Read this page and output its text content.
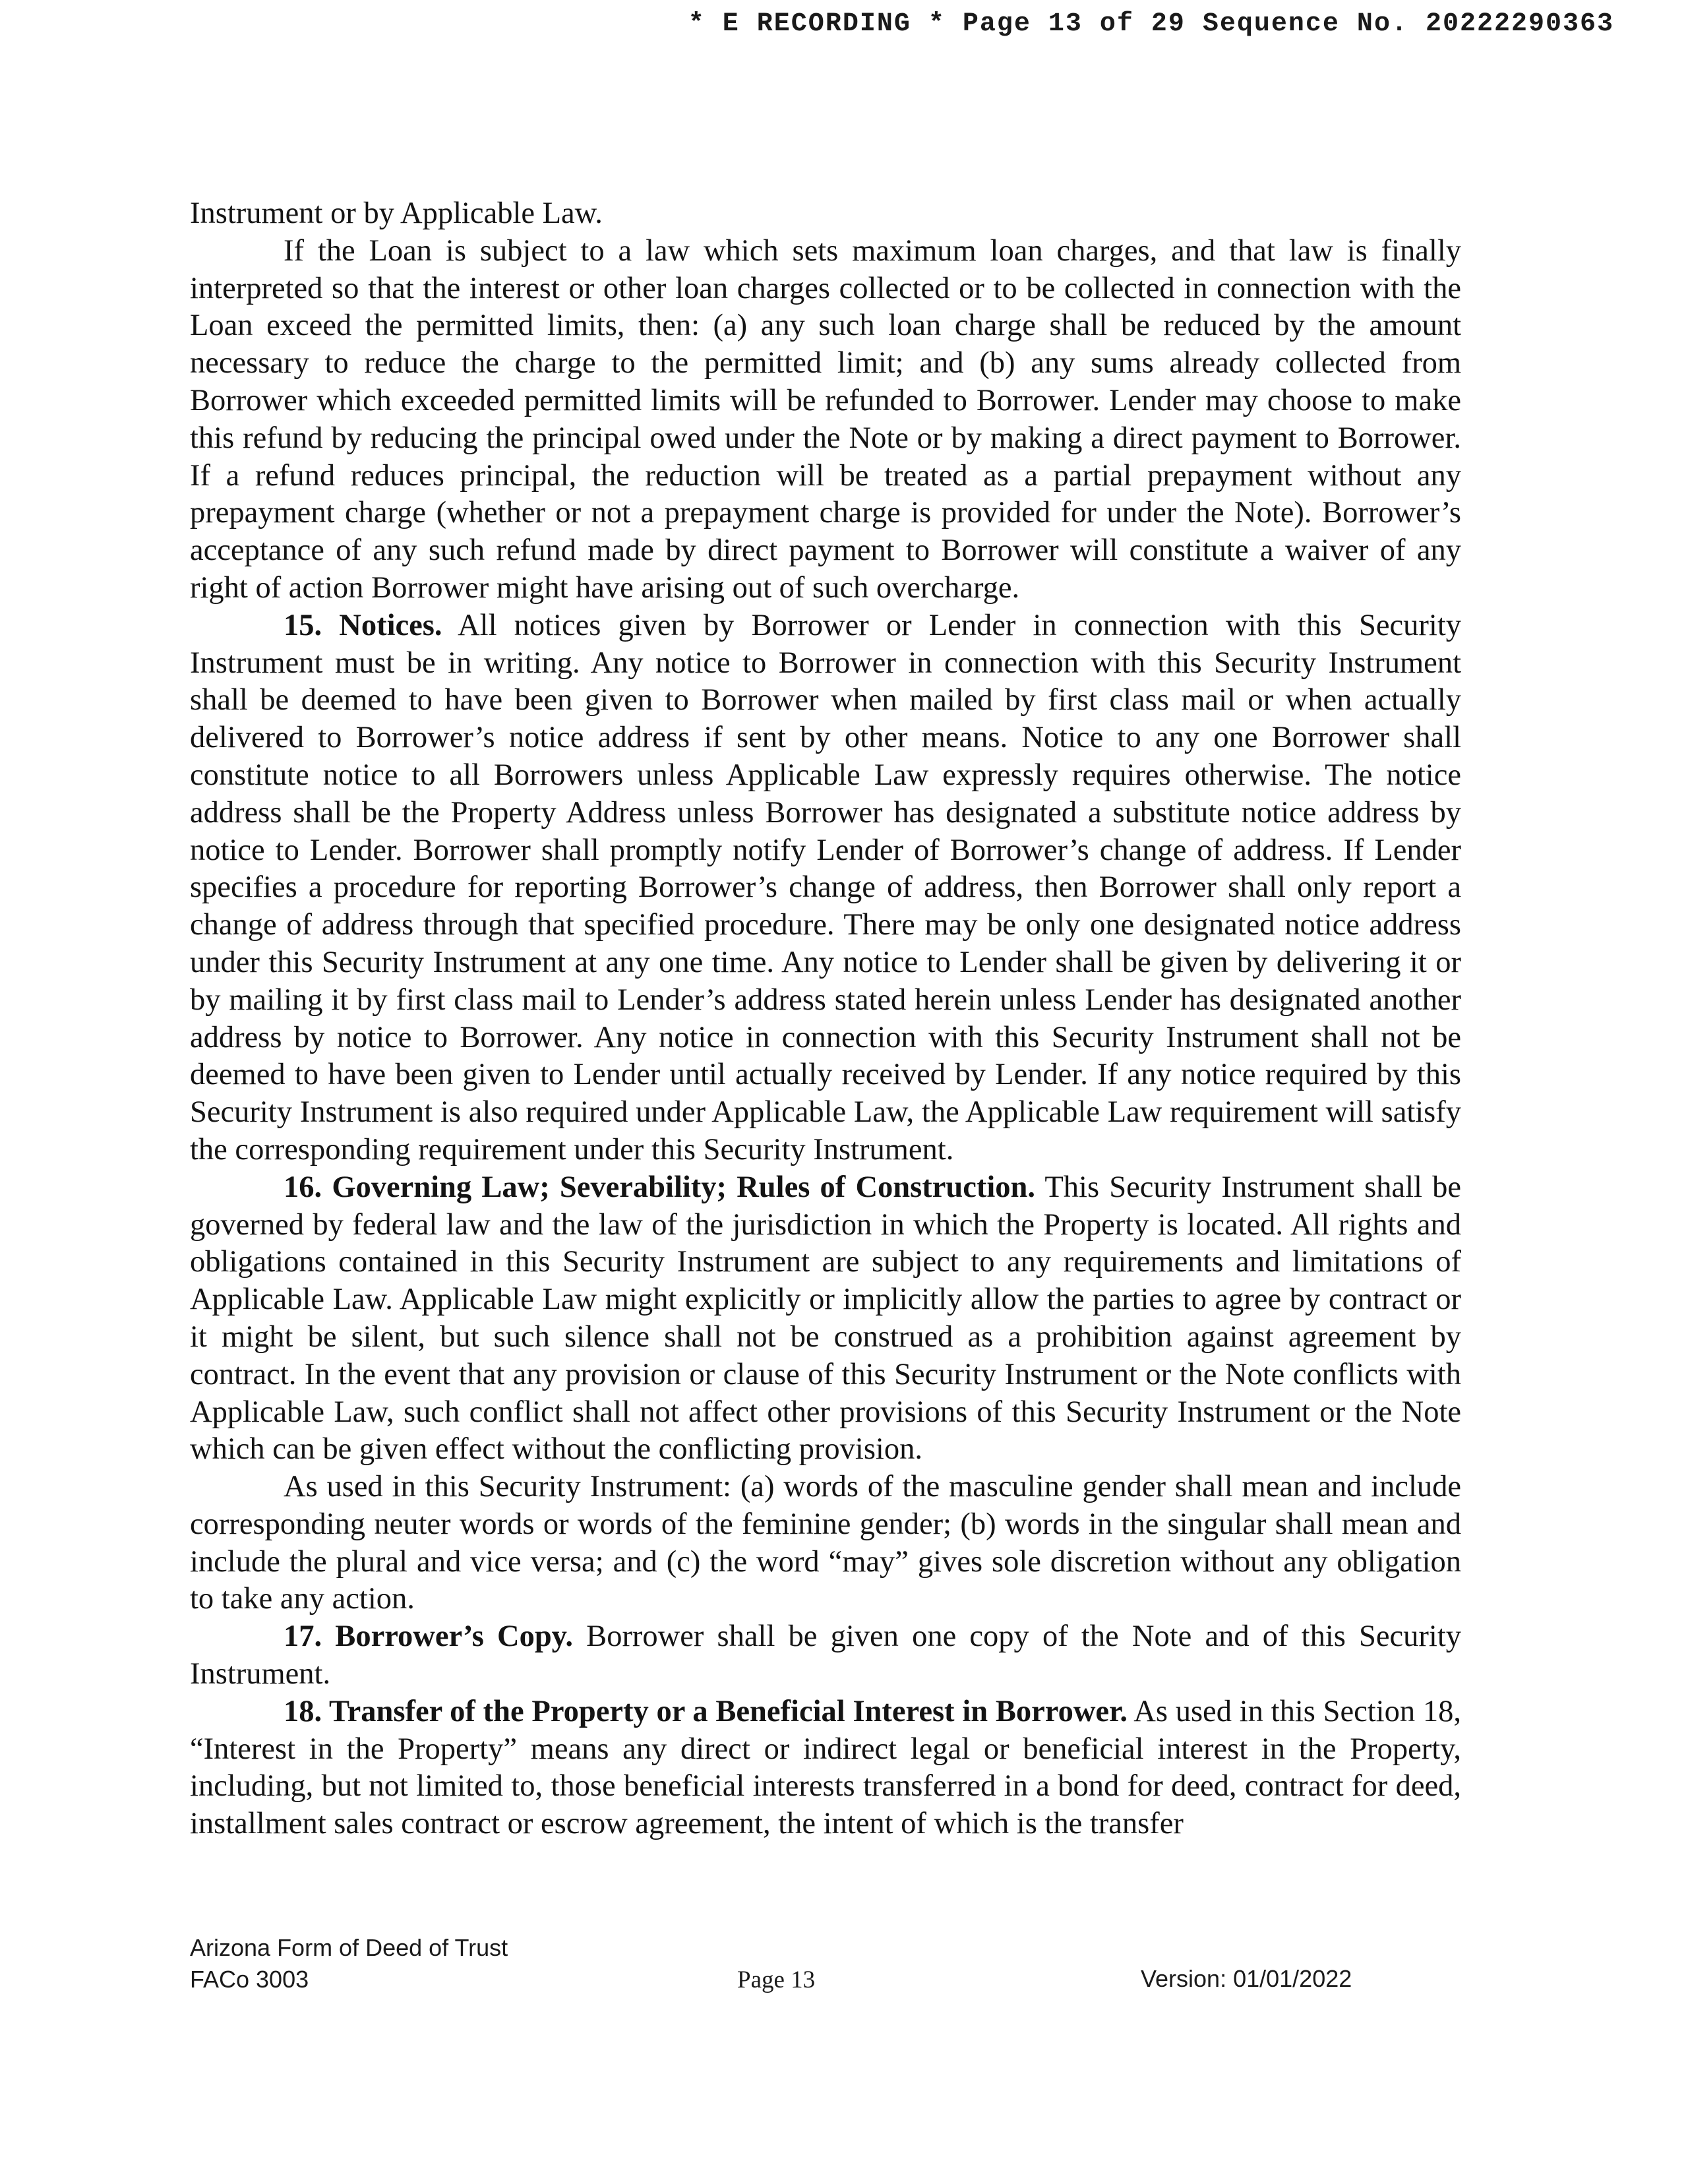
* E RECORDING * Page 13 of 29 Sequence No. 20222290363

Instrument or by Applicable Law.

If the Loan is subject to a law which sets maximum loan charges, and that law is finally interpreted so that the interest or other loan charges collected or to be collected in connection with the Loan exceed the permitted limits, then: (a) any such loan charge shall be reduced by the amount necessary to reduce the charge to the permitted limit; and (b) any sums already collected from Borrower which exceeded permitted limits will be refunded to Borrower. Lender may choose to make this refund by reducing the principal owed under the Note or by making a direct payment to Borrower. If a refund reduces principal, the reduction will be treated as a partial prepayment without any prepayment charge (whether or not a prepayment charge is provided for under the Note). Borrower’s acceptance of any such refund made by direct payment to Borrower will constitute a waiver of any right of action Borrower might have arising out of such overcharge.

15. Notices. All notices given by Borrower or Lender in connection with this Security Instrument must be in writing. Any notice to Borrower in connection with this Security Instrument shall be deemed to have been given to Borrower when mailed by first class mail or when actually delivered to Borrower’s notice address if sent by other means. Notice to any one Borrower shall constitute notice to all Borrowers unless Applicable Law expressly requires otherwise. The notice address shall be the Property Address unless Borrower has designated a substitute notice address by notice to Lender. Borrower shall promptly notify Lender of Borrower’s change of address. If Lender specifies a procedure for reporting Borrower’s change of address, then Borrower shall only report a change of address through that specified procedure. There may be only one designated notice address under this Security Instrument at any one time. Any notice to Lender shall be given by delivering it or by mailing it by first class mail to Lender’s address stated herein unless Lender has designated another address by notice to Borrower. Any notice in connection with this Security Instrument shall not be deemed to have been given to Lender until actually received by Lender. If any notice required by this Security Instrument is also required under Applicable Law, the Applicable Law requirement will satisfy the corresponding requirement under this Security Instrument.

16. Governing Law; Severability; Rules of Construction. This Security Instrument shall be governed by federal law and the law of the jurisdiction in which the Property is located. All rights and obligations contained in this Security Instrument are subject to any requirements and limitations of Applicable Law. Applicable Law might explicitly or implicitly allow the parties to agree by contract or it might be silent, but such silence shall not be construed as a prohibition against agreement by contract. In the event that any provision or clause of this Security Instrument or the Note conflicts with Applicable Law, such conflict shall not affect other provisions of this Security Instrument or the Note which can be given effect without the conflicting provision.

As used in this Security Instrument: (a) words of the masculine gender shall mean and include corresponding neuter words or words of the feminine gender; (b) words in the singular shall mean and include the plural and vice versa; and (c) the word “may” gives sole discretion without any obligation to take any action.

17. Borrower’s Copy. Borrower shall be given one copy of the Note and of this Security Instrument.

18. Transfer of the Property or a Beneficial Interest in Borrower. As used in this Section 18, “Interest in the Property” means any direct or indirect legal or beneficial interest in the Property, including, but not limited to, those beneficial interests transferred in a bond for deed, contract for deed, installment sales contract or escrow agreement, the intent of which is the transfer

Arizona Form of Deed of Trust
FACo 3003	Page 13	Version: 01/01/2022
